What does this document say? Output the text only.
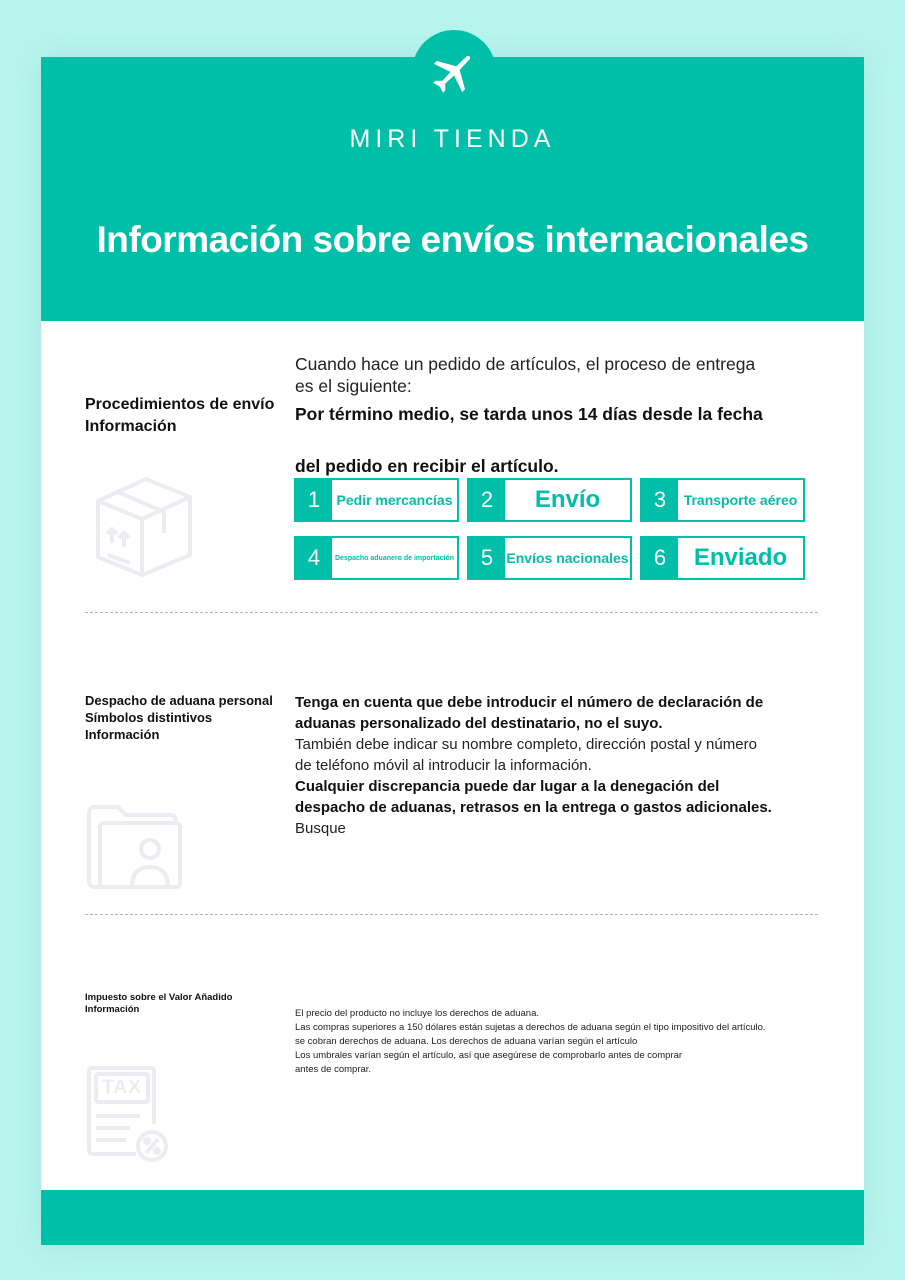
MIRI TIENDA
Información sobre envíos internacionales
Procedimientos de envío
Información
Cuando hace un pedido de artículos, el proceso de entrega
es el siguiente:
Por término medio, se tarda unos 14 días desde la fecha
del pedido en recibir el artículo.
1	Pedir mercancías	2	Envío	3	Transporte aéreo
4	Despacho aduanero de importación	5 Envíos nacionales	6	Enviado
Despacho de aduana personal
Símbolos distintivos
Información
Tenga en cuenta que debe introducir el número de declaración de
aduanas personalizado del destinatario, no el suyo.
También debe indicar su nombre completo, dirección postal y número
de teléfono móvil al introducir la información.
Cualquier discrepancia puede dar lugar a la denegación del
despacho de aduanas, retrasos en la entrega o gastos adicionales.
Busque
Impuesto sobre el Valor Añadido
Información	El precio del producto no incluye los derechos de aduana.
Las compras superiores a 150 dólares están sujetas a derechos de aduana según el tipo impositivo del artículo.
se cobran derechos de aduana. Los derechos de aduana varían según el artículo
Los umbrales varían según el artículo, así que asegúrese de comprobarlo antes de comprar
antes de comprar.
TAX
